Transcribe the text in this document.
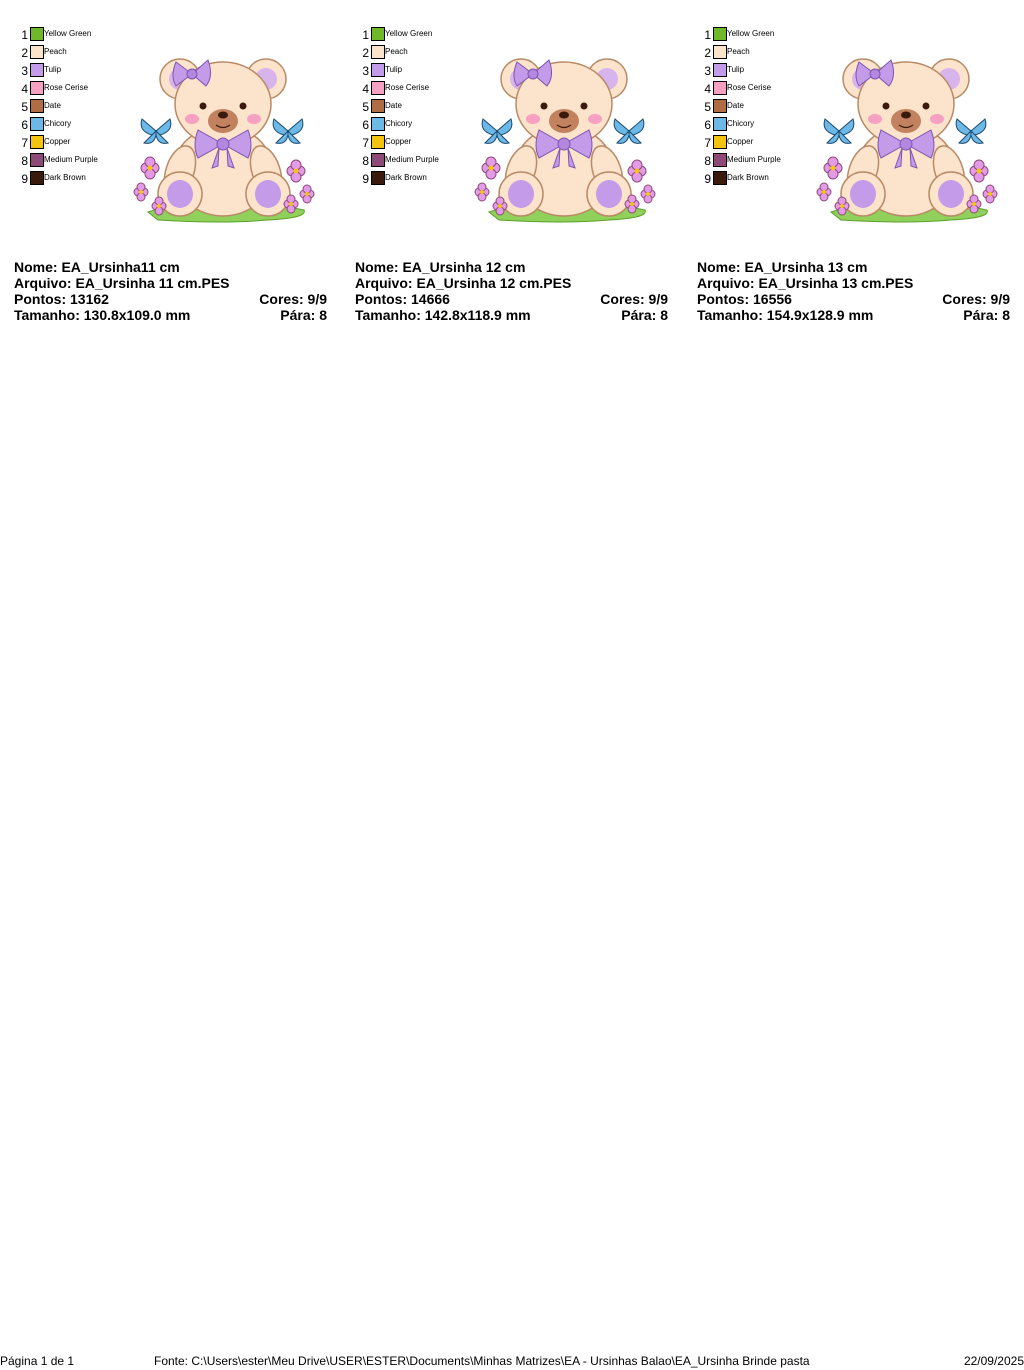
1 Yellow Green
2 Peach
3 Tulip
4 Rose Cerise
5 Date
6 Chicory
7 Copper
8 Medium Purple
9 Dark Brown
Nome: EA_Ursinha11 cm
Arquivo: EA_Ursinha 11 cm.PES
Pontos: 13162	Cores: 9/9
Tamanho: 130.8x109.0 mm	Pára: 8
1 Yellow Green
2 Peach
3 Tulip
4 Rose Cerise
5 Date
6 Chicory
7 Copper
8 Medium Purple
9 Dark Brown
Nome: EA_Ursinha 12 cm
Arquivo: EA_Ursinha 12 cm.PES
Pontos: 14666	Cores: 9/9
Tamanho: 142.8x118.9 mm	Pára: 8
1 Yellow Green
2 Peach
3 Tulip
4 Rose Cerise
5 Date
6 Chicory
7 Copper
8 Medium Purple
9 Dark Brown
Nome: EA_Ursinha 13 cm
Arquivo: EA_Ursinha 13 cm.PES
Pontos: 16556	Cores: 9/9
Tamanho: 154.9x128.9 mm	Pára: 8
Página 1 de 1	Fonte: C:\Users\ester\Meu Drive\USER\ESTER\Documents\Minhas Matrizes\EA - Ursinhas Balao\EA_Ursinha Brinde pasta	22/09/2025
